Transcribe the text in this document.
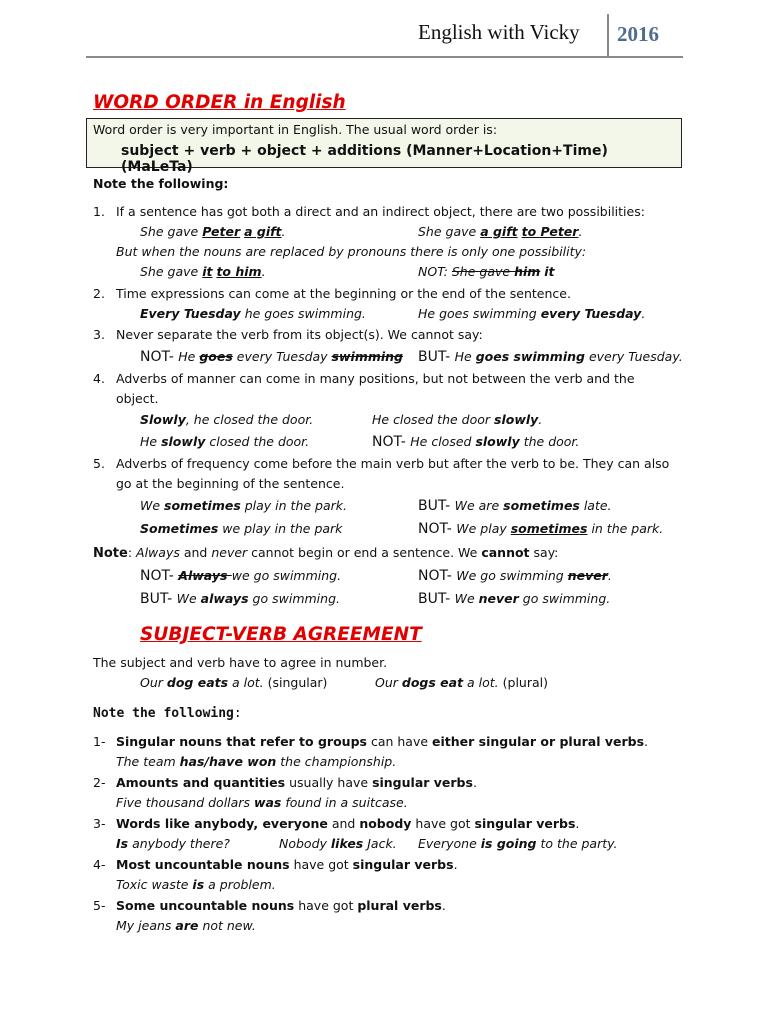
English with Vicky 2016
WORD ORDER in English
Word order is very important in English. The usual word order is:
subject + verb + object + additions (Manner+Location+Time) (MaLeTa)
Note the following:
1. If a sentence has got both a direct and an indirect object, there are two possibilities:
She gave Peter a gift.	She gave a gift to Peter.
But when the nouns are replaced by pronouns there is only one possibility:
She gave it to him.	NOT: She gave him it
2. Time expressions can come at the beginning or the end of the sentence.
Every Tuesday he goes swimming.	He goes swimming every Tuesday.
3. Never separate the verb from its object(s). We cannot say:
NOT- He goes every Tuesday swimming BUT- He goes swimming every Tuesday.
4. Adverbs of manner can come in many positions, but not between the verb and the
object.
Slowly, he closed the door.	He closed the door slowly.
He slowly closed the door.	NOT- He closed slowly the door.
5. Adverbs of frequency come before the main verb but after the verb to be. They can also
go at the beginning of the sentence.
We sometimes play in the park.	BUT- We are sometimes late.
Sometimes we play in the park	NOT- We play sometimes in the park.
Note: Always and never cannot begin or end a sentence. We cannot say:
NOT- Always we go swimming.	NOT- We go swimming never.
BUT- We always go swimming.	BUT- We never go swimming.
SUBJECT-VERB AGREEMENT
The subject and verb have to agree in number.
Our dog eats a lot. (singular)	Our dogs eat a lot. (plural)
Note the following:
1- Singular nouns that refer to groups can have either singular or plural verbs.
The team has/have won the championship.
2- Amounts and quantities usually have singular verbs.
Five thousand dollars was found in a suitcase.
3- Words like anybody, everyone and nobody have got singular verbs.
Is anybody there?	Nobody likes Jack. Everyone is going to the party.
4- Most uncountable nouns have got singular verbs.
Toxic waste is a problem.
5- Some uncountable nouns have got plural verbs.
My jeans are not new.
